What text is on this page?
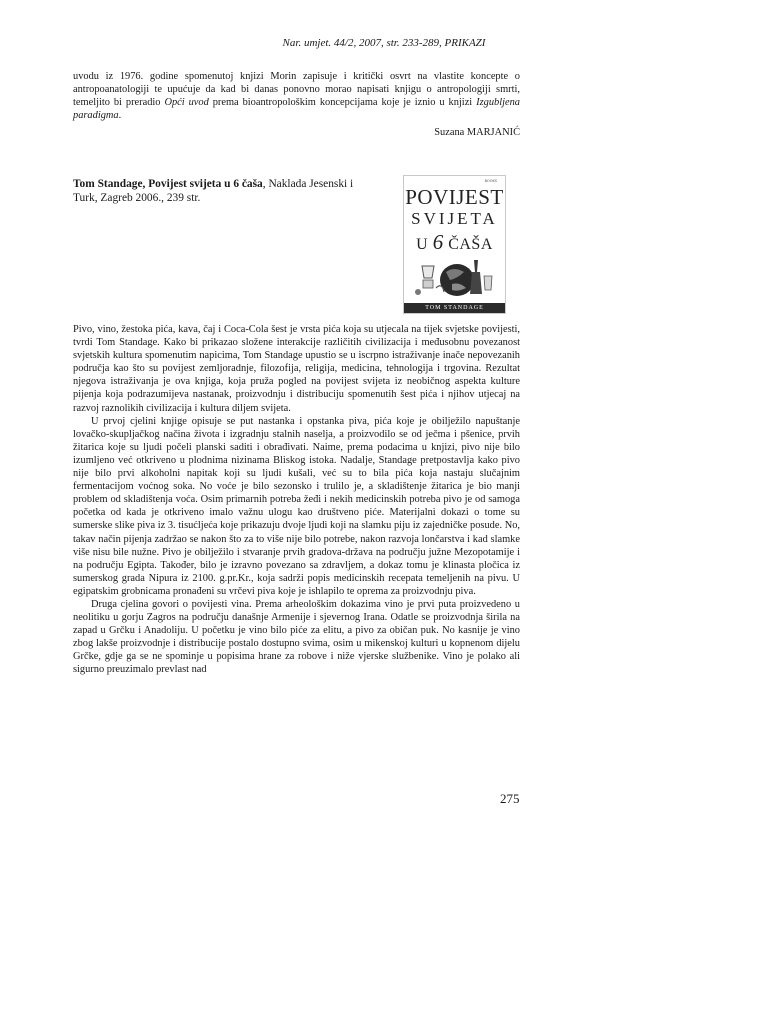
Nar. umjet. 44/2, 2007, str. 233-289, PRIKAZI

uvodu iz 1976. godine spomenutoj knjizi Morin zapisuje i kritički osvrt na vlastite koncepte o antropoanatologiji te upućuje da kad bi danas ponovno morao napisati knjigu o antropologiji smrti, temeljito bi preradio Opći uvod prema bioantropološkim koncepcijama koje je iznio u knjizi Izgubljena paradigma.

Suzana MARJANIĆ
Tom Standage, Povijest svijeta u 6 čaša, Naklada Jesenski i Turk, Zagreb 2006., 239 str.
BOOKS
POVIJEST
SVIJETA
U 6 ČAŠA
TOM STANDAGE

Pivo, vino, žestoka pića, kava, čaj i Coca-Cola šest je vrsta pića koja su utjecala na tijek svjetske povijesti, tvrdi Tom Standage. Kako bi prikazao složene interakcije različitih civilizacija i međusobnu povezanost svjetskih kultura spomenutim napicima, Tom Standage upustio se u iscrpno istraživanje inače nepovezanih područja kao što su povijest zemljoradnje, filozofija, religija, medicina, tehnologija i trgovina. Rezultat njegova istraživanja je ova knjiga, koja pruža pogled na povijest svijeta iz neobičnog aspekta kulture pijenja koja podrazumijeva nastanak, proizvodnju i distribuciju spomenutih šest pića i njihov utjecaj na razvoj raznolikih civilizacija i kultura diljem svijeta.

U prvoj cjelini knjige opisuje se put nastanka i opstanka piva, pića koje je obilježilo napuštanje lovačko-skupljačkog načina života i izgradnju stalnih naselja, a proizvodilo se od ječma i pšenice, prvih žitarica koje su ljudi počeli planski saditi i obrađivati. Naime, prema podacima u knjizi, pivo nije bilo izumljeno već otkriveno u plodnima nizinama Bliskog istoka. Nadalje, Standage pretpostavlja kako pivo nije bilo prvi alkoholni napitak koji su ljudi kušali, već su to bila pića koja nastaju slučajnim fermentacijom voćnog soka. No voće je bilo sezonsko i trulilo je, a skladištenje žitarica je bio manji problem od skladištenja voća. Osim primarnih potreba žeđi i nekih medicinskih potreba pivo je od samoga početka od kada je otkriveno imalo važnu ulogu kao društveno piće. Materijalni dokazi o tome su sumerske slike piva iz 3. tisućljeća koje prikazuju dvoje ljudi koji na slamku piju iz zajedničke posude. No, takav način pijenja zadržao se nakon što za to više nije bilo potrebe, nakon razvoja lončarstva i kad slamke više nisu bile nužne. Pivo je obilježilo i stvaranje prvih gradova-država na području južne Mezopotamije i na području Egipta. Također, bilo je izravno povezano sa zdravljem, a dokaz tomu je klinasta pločica iz sumerskog grada Nipura iz 2100. g.pr.Kr., koja sadrži popis medicinskih recepata temeljenih na pivu. U egipatskim grobnicama pronađeni su vrčevi piva koje je ishlapilo te oprema za proizvodnju piva.

Druga cjelina govori o povijesti vina. Prema arheološkim dokazima vino je prvi puta proizvedeno u neolitiku u gorju Zagros na području današnje Armenije i sjevernog Irana. Odatle se proizvodnja širila na zapad u Grčku i Anadoliju. U početku je vino bilo piće za elitu, a pivo za običan puk. No kasnije je vino zbog lakše proizvodnje i distribucije postalo dostupno svima, osim u mikenskoj kulturi u kopnenom dijelu Grčke, gdje ga se ne spominje u popisima hrane za robove i niže vjerske službenike. Vino je polako ali sigurno preuzimalo prevlast nad

275
